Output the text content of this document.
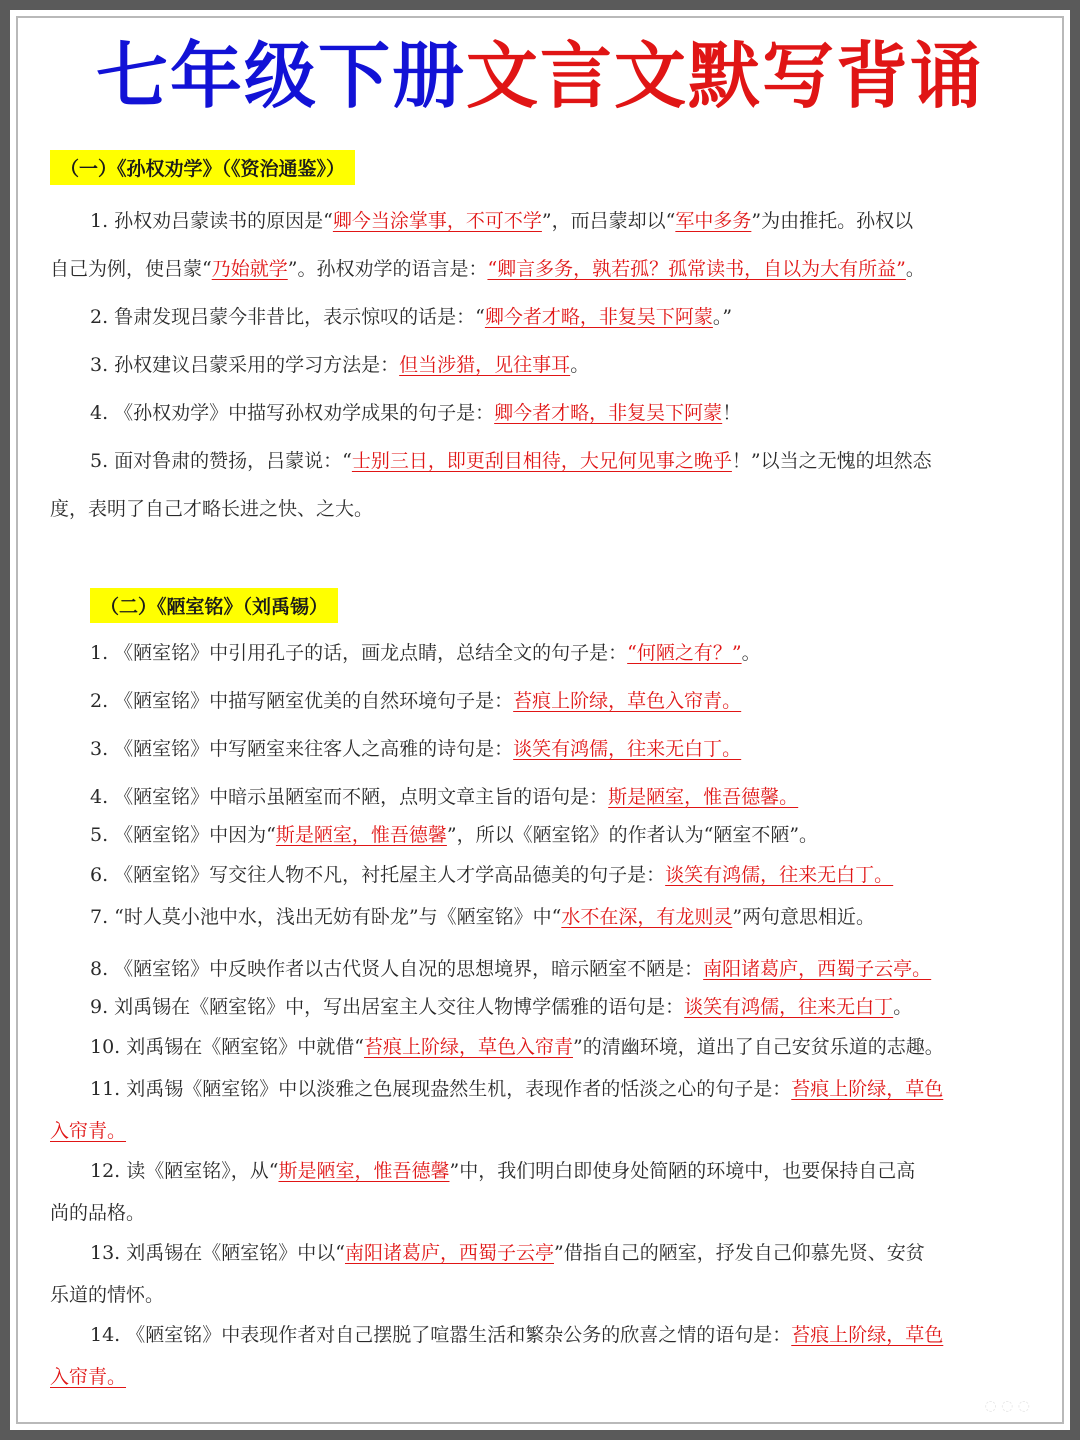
七年级下册文言文默写背诵
（一）《孙权劝学》（《资治通鉴》）
（二）《陋室铭》（刘禹锡）
◌ ◌ ◌
1. 孙权劝吕蒙读书的原因是“卿今当涂掌事，不可不学”，而吕蒙却以“军中多务”为由推托。孙权以
自己为例，使吕蒙“乃始就学”。孙权劝学的语言是：“卿言多务，孰若孤？孤常读书，自以为大有所益”。
2. 鲁肃发现吕蒙今非昔比，表示惊叹的话是：“卿今者才略，非复吴下阿蒙。”
3. 孙权建议吕蒙采用的学习方法是：但当涉猎，见往事耳。
4. 《孙权劝学》中描写孙权劝学成果的句子是：卿今者才略，非复吴下阿蒙！
5. 面对鲁肃的赞扬，吕蒙说：“士别三日，即更刮目相待，大兄何见事之晚乎！”以当之无愧的坦然态
度，表明了自己才略长进之快、之大。
1. 《陋室铭》中引用孔子的话，画龙点睛，总结全文的句子是：“何陋之有？”。
2. 《陋室铭》中描写陋室优美的自然环境句子是：苔痕上阶绿，草色入帘青。
3. 《陋室铭》中写陋室来往客人之高雅的诗句是：谈笑有鸿儒，往来无白丁。
4. 《陋室铭》中暗示虽陋室而不陋，点明文章主旨的语句是：斯是陋室，惟吾德馨。
5. 《陋室铭》中因为“斯是陋室，惟吾德馨”，所以《陋室铭》的作者认为“陋室不陋”。
6. 《陋室铭》写交往人物不凡，衬托屋主人才学高品德美的句子是：谈笑有鸿儒，往来无白丁。
7. “时人莫小池中水，浅出无妨有卧龙”与《陋室铭》中“水不在深，有龙则灵”两句意思相近。
8. 《陋室铭》中反映作者以古代贤人自况的思想境界，暗示陋室不陋是：南阳诸葛庐，西蜀子云亭。
9. 刘禹锡在《陋室铭》中，写出居室主人交往人物博学儒雅的语句是：谈笑有鸿儒，往来无白丁。
10. 刘禹锡在《陋室铭》中就借“苔痕上阶绿，草色入帘青”的清幽环境，道出了自己安贫乐道的志趣。
11. 刘禹锡《陋室铭》中以淡雅之色展现盎然生机，表现作者的恬淡之心的句子是：苔痕上阶绿，草色
入帘青。
12. 读《陋室铭》，从“斯是陋室，惟吾德馨”中，我们明白即使身处简陋的环境中，也要保持自己高
尚的品格。
13. 刘禹锡在《陋室铭》中以“南阳诸葛庐，西蜀子云亭”借指自己的陋室，抒发自己仰慕先贤、安贫
乐道的情怀。
14. 《陋室铭》中表现作者对自己摆脱了喧嚣生活和繁杂公务的欣喜之情的语句是：苔痕上阶绿，草色
入帘青。
